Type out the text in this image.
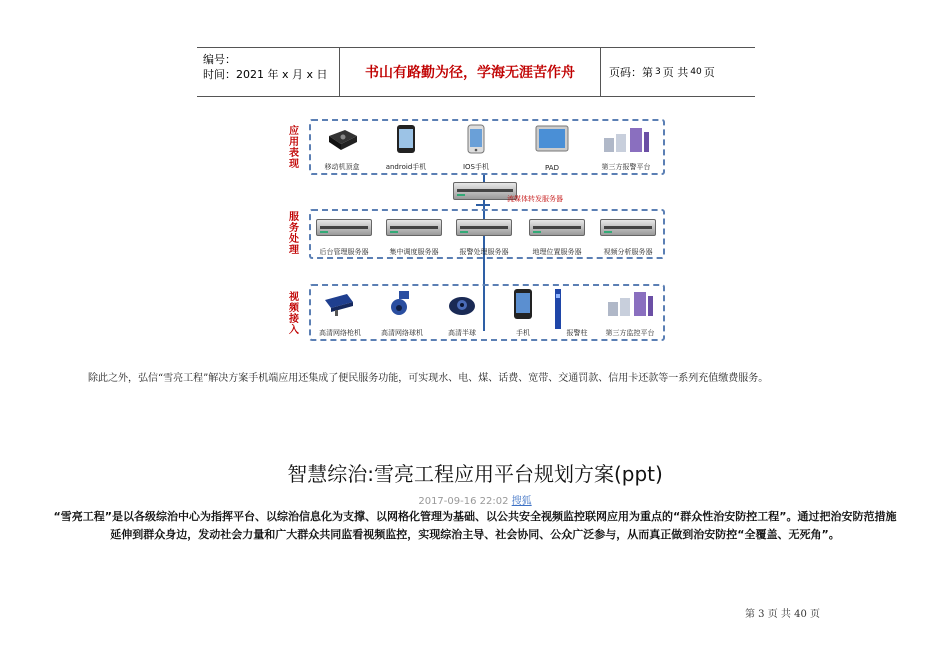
编号：
时间：2021 年 x 月 x 日	书山有路勤为径，学海无涯苦作舟	页码：第 3 页 共 40 页
应用表现
服务处理
视频接入
移动机顶盒	android手机	IOS手机	PAD	第三方报警平台
流媒体转发服务器
后台管理服务器	集中调度服务器	报警处理服务器	地理位置服务器	视频分析服务器
高清网络枪机	高清网络球机	高清半球	手机	报警柱	第三方监控平台
除此之外，弘信“雪亮工程”解决方案手机端应用还集成了便民服务功能，可实现水、电、煤、话费、宽带、交通罚款、信用卡还款等一系列充值缴费服务。
智慧综治:雪亮工程应用平台规划方案(ppt)
2017-09-16 22:02 搜狐
“雪亮工程”是以各级综治中心为指挥平台、以综治信息化为支撑、以网格化管理为基础、以公共安全视频监控联网应用为重点的“群众性治安防控工程”。通过把治安防范措施延伸到群众身边，发动社会力量和广大群众共同监看视频监控，实现综治主导、社会协同、公众广泛参与，从而真正做到治安防控“全覆盖、无死角”。
第 3 页 共 40 页
